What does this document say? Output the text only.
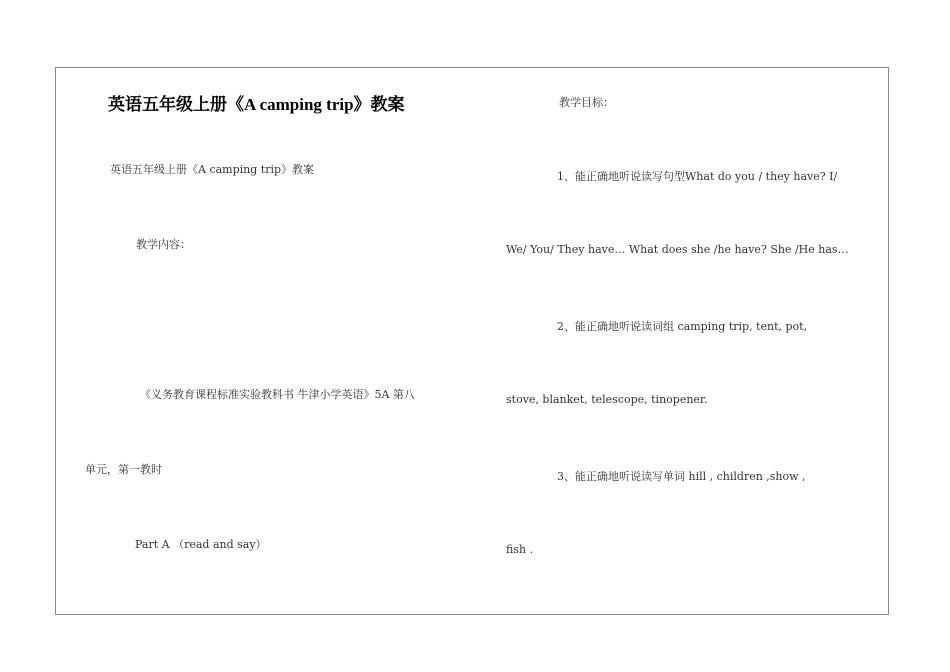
英语五年级上册《A camping trip》教案
英语五年级上册《A camping trip》教案
教学内容：
《义务教育课程标准实验教科书 牛津小学英语》5A 第八
单元，第一教时
Part A （read and say）
教学目标：
1、能正确地听说读写句型What do you / they have? I/
We/ You/ They have… What does she /he have? She /He has…
2、能正确地听说读词组 camping trip, tent, pot,
stove, blanket, telescope, tinopener.
3、能正确地听说读写单词 hill , children ,show ,
fish .
